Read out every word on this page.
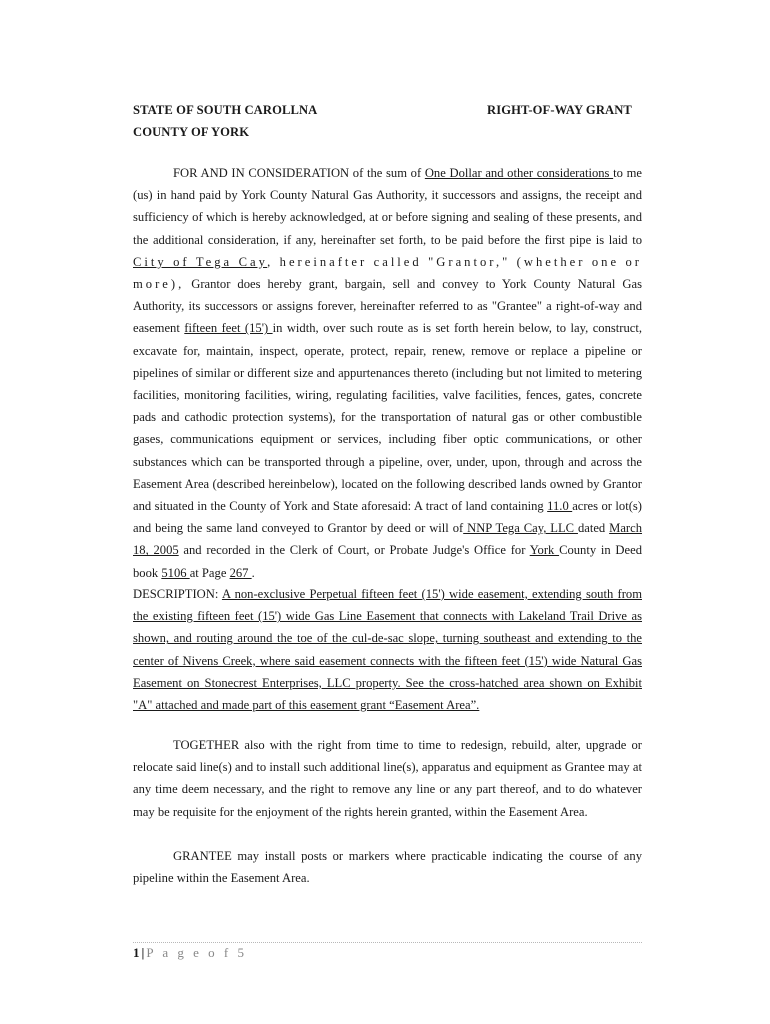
STATE OF SOUTH CAROLLNA	RIGHT-OF-WAY GRANT
COUNTY OF YORK

FOR AND IN CONSIDERATION of the sum of One Dollar and other considerations to me (us) in hand paid by York County Natural Gas Authority, it successors and assigns, the receipt and sufficiency of which is hereby acknowledged, at or before signing and sealing of these presents, and the additional consideration, if any, hereinafter set forth, to be paid before the first pipe is laid to City of Tega Cay, hereinafter called "Grantor," (whether one or more), Grantor does hereby grant, bargain, sell and convey to York County Natural Gas Authority, its successors or assigns forever, hereinafter referred to as "Grantee" a right-of-way and easement fifteen feet (15') in width, over such route as is set forth herein below, to lay, construct, excavate for, maintain, inspect, operate, protect, repair, renew, remove or replace a pipeline or pipelines of similar or different size and appurtenances thereto (including but not limited to metering facilities, monitoring facilities, wiring, regulating facilities, valve facilities, fences, gates, concrete pads and cathodic protection systems), for the transportation of natural gas or other combustible gases, communications equipment or services, including fiber optic communications, or other substances which can be transported through a pipeline, over, under, upon, through and across the Easement Area (described hereinbelow), located on the following described lands owned by Grantor and situated in the County of York and State aforesaid: A tract of land containing 11.0 acres or lot(s) and being the same land conveyed to Grantor by deed or will of NNP Tega Cay, LLC dated March 18, 2005 and recorded in the Clerk of Court, or Probate Judge's Office for York County in Deed book 5106 at Page 267 .

DESCRIPTION: A non-exclusive Perpetual fifteen feet (15') wide easement, extending south from the existing fifteen feet (15') wide Gas Line Easement that connects with Lakeland Trail Drive as shown, and routing around the toe of the cul-de-sac slope, turning southeast and extending to the center of Nivens Creek, where said easement connects with the fifteen feet (15') wide Natural Gas Easement on Stonecrest Enterprises, LLC property. See the cross-hatched area shown on Exhibit "A" attached and made part of this easement grant “Easement Area”.

TOGETHER also with the right from time to time to redesign, rebuild, alter, upgrade or relocate said line(s) and to install such additional line(s), apparatus and equipment as Grantee may at any time deem necessary, and the right to remove any line or any part thereof, and to do whatever may be requisite for the enjoyment of the rights herein granted, within the Easement Area.

GRANTEE may install posts or markers where practicable indicating the course of any pipeline within the Easement Area.

1 | P a g e o f 5
